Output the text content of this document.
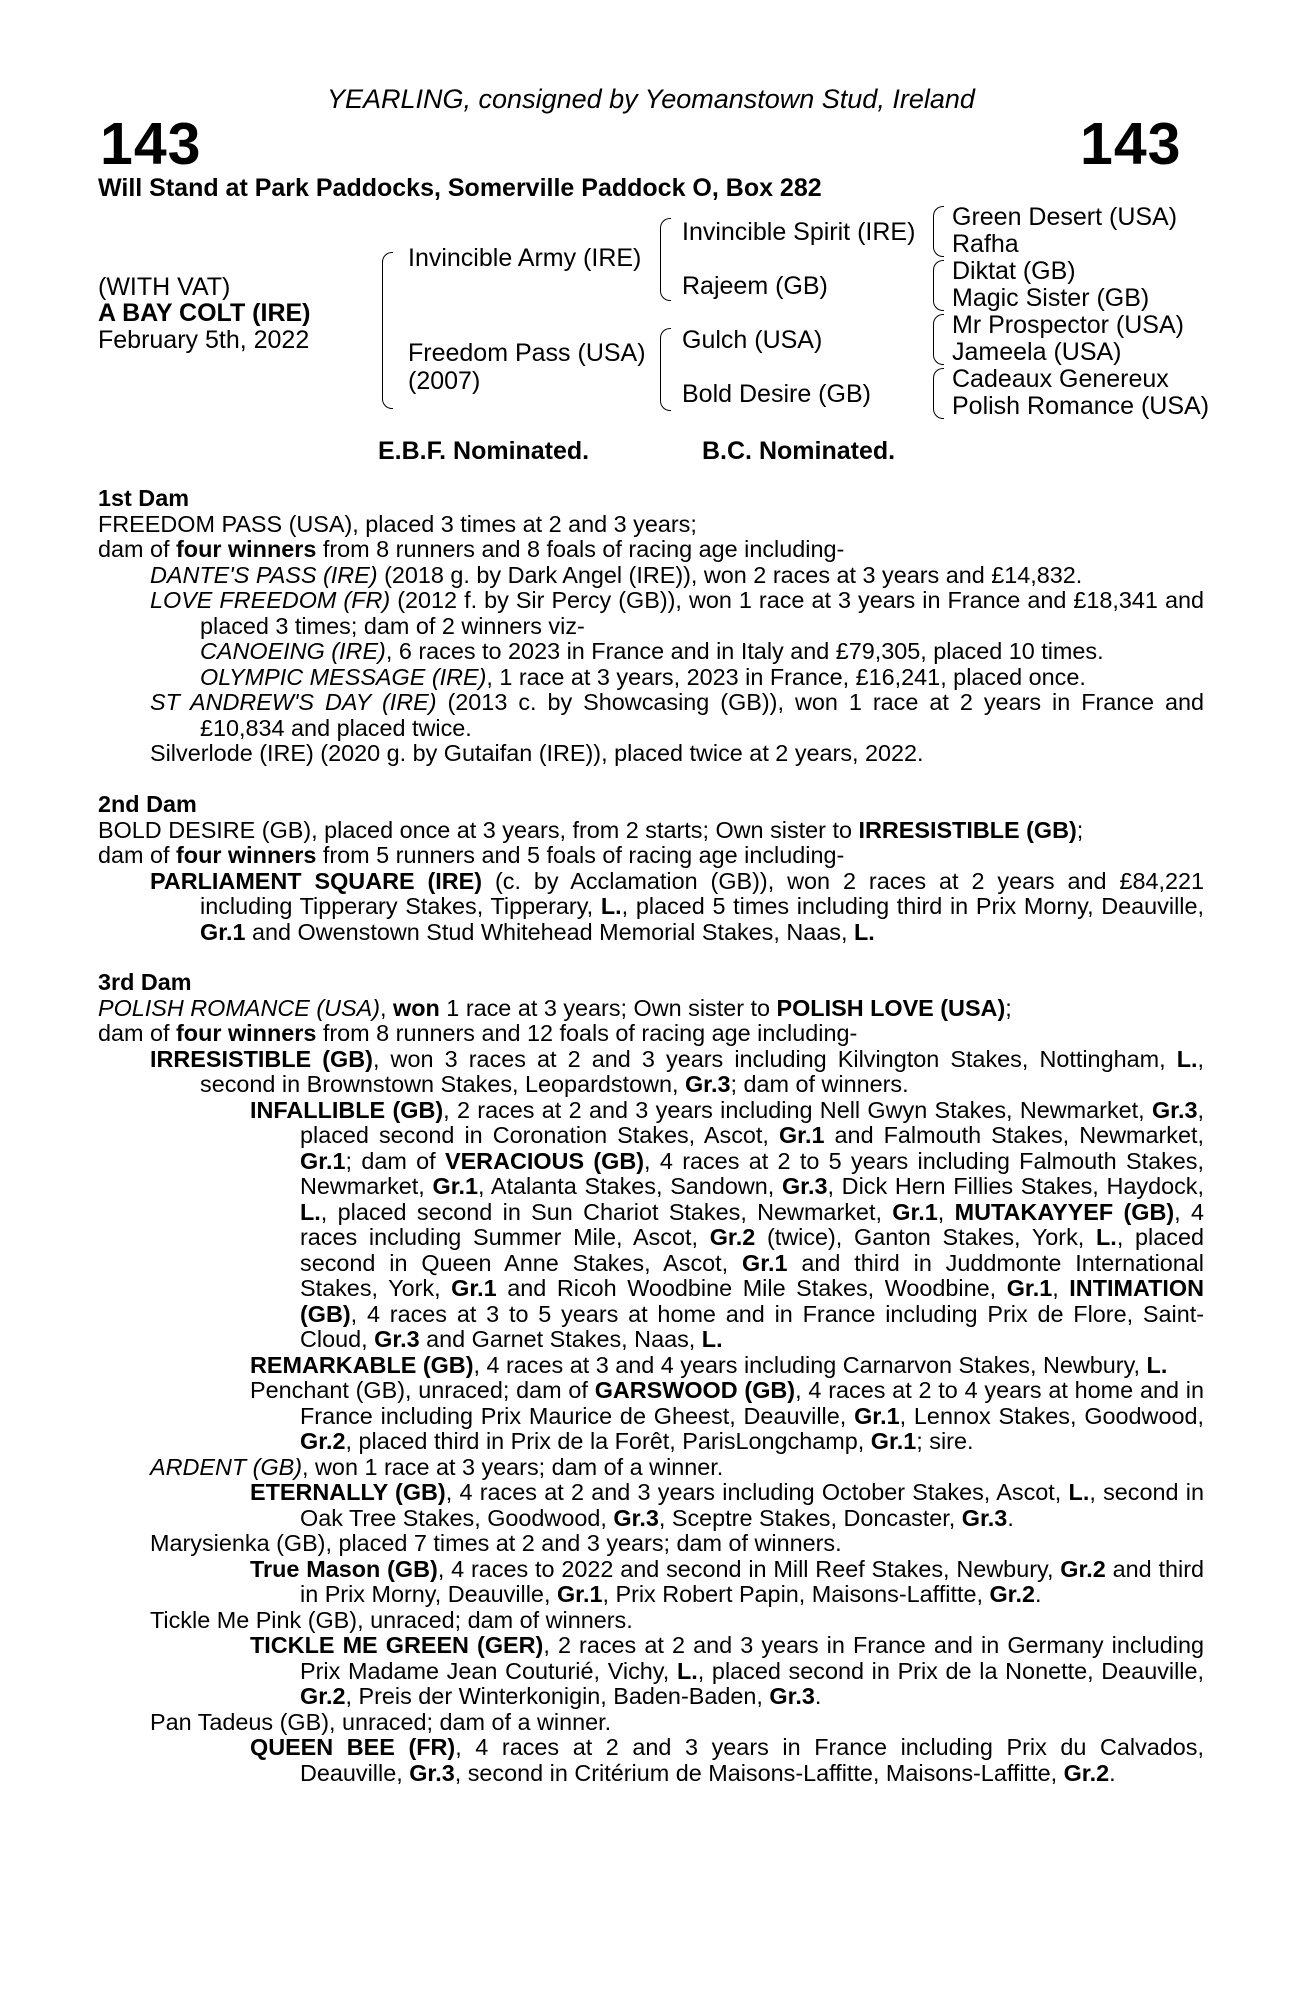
YEARLING, consigned by Yeomanstown Stud, Ireland
143	143
Will Stand at Park Paddocks, Somerville Paddock O, Box 282
(WITH VAT)
A BAY COLT (IRE)
February 5th, 2022
Invincible Army (IRE)
Freedom Pass (USA)
(2007)
Invincible Spirit (IRE)
Rajeem (GB)
Gulch (USA)
Bold Desire (GB)
Green Desert (USA)
Rafha
Diktat (GB)
Magic Sister (GB)
Mr Prospector (USA)
Jameela (USA)
Cadeaux Genereux
Polish Romance (USA)
E.B.F. Nominated.	B.C. Nominated.

1st Dam

FREEDOM PASS (USA), placed 3 times at 2 and 3 years;

dam of four winners from 8 runners and 8 foals of racing age including-

DANTE'S PASS (IRE) (2018 g. by Dark Angel (IRE)), won 2 races at 3 years and £14,832.

LOVE FREEDOM (FR) (2012 f. by Sir Percy (GB)), won 1 race at 3 years in France and £18,341 and placed 3 times; dam of 2 winners viz-

CANOEING (IRE), 6 races to 2023 in France and in Italy and £79,305, placed 10 times.

OLYMPIC MESSAGE (IRE), 1 race at 3 years, 2023 in France, £16,241, placed once.

ST ANDREW'S DAY (IRE) (2013 c. by Showcasing (GB)), won 1 race at 2 years in France and £10,834 and placed twice.

Silverlode (IRE) (2020 g. by Gutaifan (IRE)), placed twice at 2 years, 2022.

2nd Dam

BOLD DESIRE (GB), placed once at 3 years, from 2 starts; Own sister to IRRESISTIBLE (GB);

dam of four winners from 5 runners and 5 foals of racing age including-

PARLIAMENT SQUARE (IRE) (c. by Acclamation (GB)), won 2 races at 2 years and £84,221 including Tipperary Stakes, Tipperary, L., placed 5 times including third in Prix Morny, Deauville, Gr.1 and Owenstown Stud Whitehead Memorial Stakes, Naas, L.

3rd Dam

POLISH ROMANCE (USA), won 1 race at 3 years; Own sister to POLISH LOVE (USA);

dam of four winners from 8 runners and 12 foals of racing age including-

IRRESISTIBLE (GB), won 3 races at 2 and 3 years including Kilvington Stakes, Nottingham, L., second in Brownstown Stakes, Leopardstown, Gr.3; dam of winners.

INFALLIBLE (GB), 2 races at 2 and 3 years including Nell Gwyn Stakes, Newmarket, Gr.3, placed second in Coronation Stakes, Ascot, Gr.1 and Falmouth Stakes, Newmarket, Gr.1; dam of VERACIOUS (GB), 4 races at 2 to 5 years including Falmouth Stakes, Newmarket, Gr.1, Atalanta Stakes, Sandown, Gr.3, Dick Hern Fillies Stakes, Haydock, L., placed second in Sun Chariot Stakes, Newmarket, Gr.1, MUTAKAYYEF (GB), 4 races including Summer Mile, Ascot, Gr.2 (twice), Ganton Stakes, York, L., placed second in Queen Anne Stakes, Ascot, Gr.1 and third in Juddmonte International Stakes, York, Gr.1 and Ricoh Woodbine Mile Stakes, Woodbine, Gr.1, INTIMATION (GB), 4 races at 3 to 5 years at home and in France including Prix de Flore, Saint-Cloud, Gr.3 and Garnet Stakes, Naas, L.

REMARKABLE (GB), 4 races at 3 and 4 years including Carnarvon Stakes, Newbury, L.

Penchant (GB), unraced; dam of GARSWOOD (GB), 4 races at 2 to 4 years at home and in France including Prix Maurice de Gheest, Deauville, Gr.1, Lennox Stakes, Goodwood, Gr.2, placed third in Prix de la Forêt, ParisLongchamp, Gr.1; sire.

ARDENT (GB), won 1 race at 3 years; dam of a winner.

ETERNALLY (GB), 4 races at 2 and 3 years including October Stakes, Ascot, L., second in Oak Tree Stakes, Goodwood, Gr.3, Sceptre Stakes, Doncaster, Gr.3.

Marysienka (GB), placed 7 times at 2 and 3 years; dam of winners.

True Mason (GB), 4 races to 2022 and second in Mill Reef Stakes, Newbury, Gr.2 and third in Prix Morny, Deauville, Gr.1, Prix Robert Papin, Maisons-Laffitte, Gr.2.

Tickle Me Pink (GB), unraced; dam of winners.

TICKLE ME GREEN (GER), 2 races at 2 and 3 years in France and in Germany including Prix Madame Jean Couturié, Vichy, L., placed second in Prix de la Nonette, Deauville, Gr.2, Preis der Winterkonigin, Baden-Baden, Gr.3.

Pan Tadeus (GB), unraced; dam of a winner.

QUEEN BEE (FR), 4 races at 2 and 3 years in France including Prix du Calvados, Deauville, Gr.3, second in Critérium de Maisons-Laffitte, Maisons-Laffitte, Gr.2.
